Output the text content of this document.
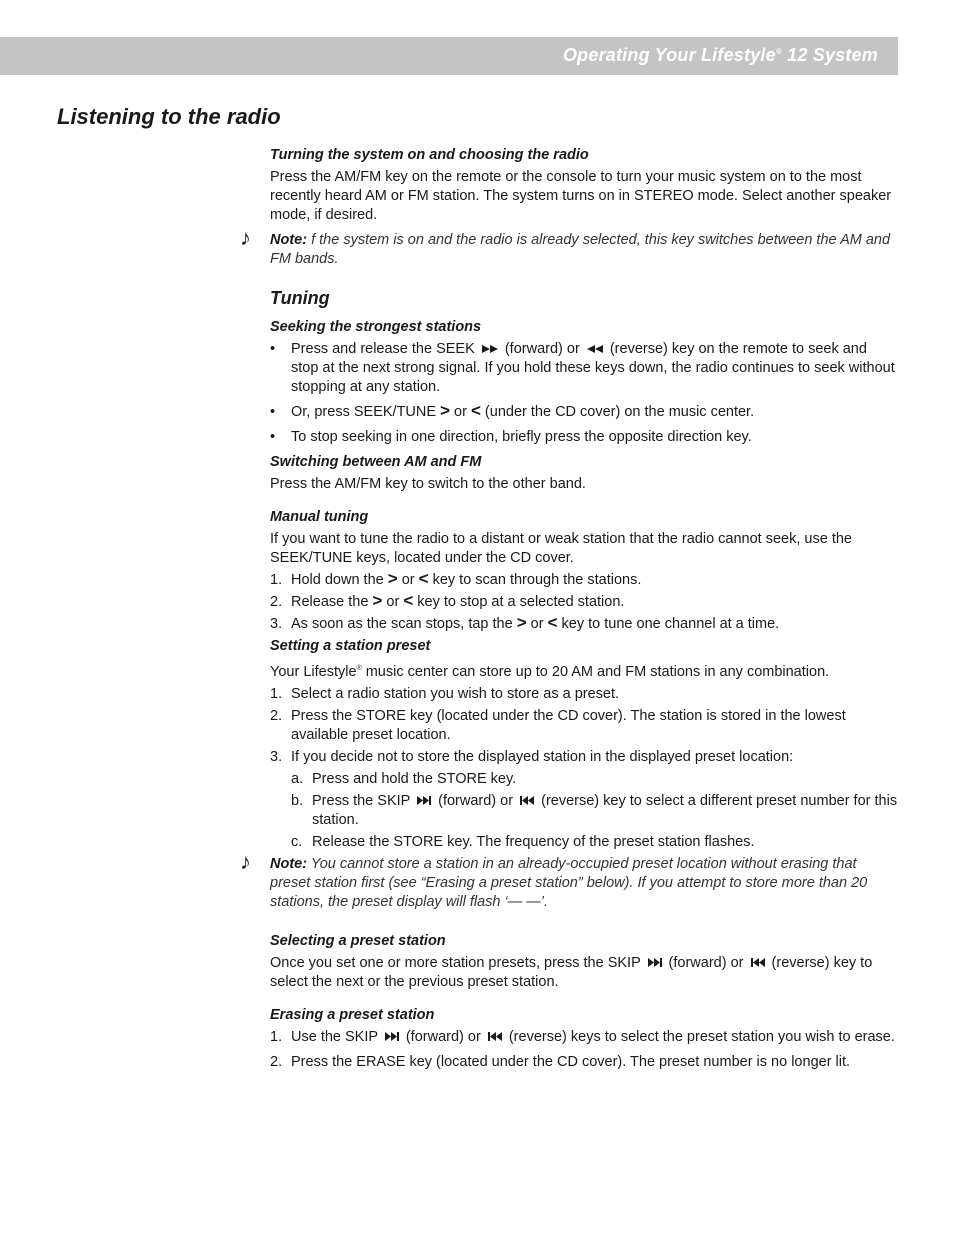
Operating Your Lifestyle® 12 System
Listening to the radio
Turning the system on and choosing the radio

Press the AM/FM key on the remote or the console to turn your music system on to the most recently heard AM or FM station. The system turns on in STEREO mode. Select another speaker mode, if desired.

♪ Note: f the system is on and the radio is already selected, this key switches between the AM and FM bands.
Tuning
Seeking the strongest stations
• Press and release the SEEK  (forward) or  (reverse) key on the remote to seek and stop at the next strong signal. If you hold these keys down, the radio continues to seek without stopping at any station.
• Or, press SEEK/TUNE > or < (under the CD cover) on the music center.
• To stop seeking in one direction, briefly press the opposite direction key.
Switching between AM and FM

Press the AM/FM key to switch to the other band.

Manual tuning

If you want to tune the radio to a distant or weak station that the radio cannot seek, use the SEEK/TUNE keys, located under the CD cover.

1. Hold down the > or < key to scan through the stations.
2. Release the > or < key to stop at a selected station.
3. As soon as the scan stops, tap the > or < key to tune one channel at a time.
Setting a station preset

Your Lifestyle® music center can store up to 20 AM and FM stations in any combination.

1. Select a radio station you wish to store as a preset.
2. Press the STORE key (located under the CD cover). The station is stored in the lowest available preset location.
3. If you decide not to store the displayed station in the displayed preset location:
a. Press and hold the STORE key.
b. Press the SKIP  (forward) or  (reverse) key to select a different preset number for this station.
c. Release the STORE key. The frequency of the preset station flashes.
♪ Note: You cannot store a station in an already-occupied preset location without erasing that preset station first (see “Erasing a preset station” below). If you attempt to store more than 20 stations, the preset display will flash ‘— —’.
Selecting a preset station

Once you set one or more station presets, press the SKIP  (forward) or  (reverse) key to select the next or the previous preset station.

Erasing a preset station
1. Use the SKIP  (forward) or  (reverse) keys to select the preset station you wish to erase.
2. Press the ERASE key (located under the CD cover). The preset number is no longer lit.
